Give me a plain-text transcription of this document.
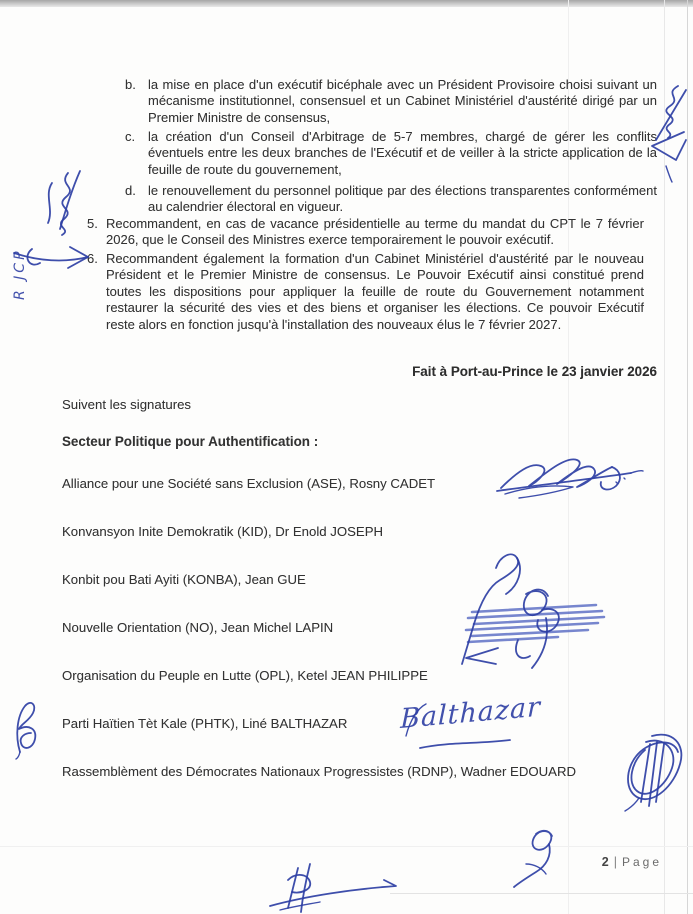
b. la mise en place d'un exécutif bicéphale avec un Président Provisoire choisi suivant un mécanisme institutionnel, consensuel et un Cabinet Ministériel d'austérité dirigé par un Premier Ministre de consensus,
c. la création d'un Conseil d'Arbitrage de 5-7 membres, chargé de gérer les conflits éventuels entre les deux branches de l'Exécutif et de veiller à la stricte application de la feuille de route du gouvernement,
d. le renouvellement du personnel politique par des élections transparentes conformément au calendrier électoral en vigueur.
5. Recommandent, en cas de vacance présidentielle au terme du mandat du CPT le 7 février 2026, que le Conseil des Ministres exerce temporairement le pouvoir exécutif.
6. Recommandent également la formation d'un Cabinet Ministériel d'austérité par le nouveau Président et le Premier Ministre de consensus. Le Pouvoir Exécutif ainsi constitué prend toutes les dispositions pour appliquer la feuille de route du Gouvernement notamment restaurer la sécurité des vies et des biens et organiser les élections. Ce pouvoir Exécutif reste alors en fonction jusqu'à l'installation des nouveaux élus le 7 février 2027.
Fait à Port-au-Prince le 23 janvier 2026
Suivent les signatures
Secteur Politique pour Authentification :
Alliance pour une Société sans Exclusion (ASE), Rosny CADET
Konvansyon Inite Demokratik (KID), Dr Enold JOSEPH
Konbit pou Bati Ayiti (KONBA), Jean GUE
Nouvelle Orientation (NO), Jean Michel LAPIN
Organisation du Peuple en Lutte (OPL), Ketel JEAN PHILIPPE
Parti Haïtien Tèt Kale (PHTK), Liné BALTHAZAR
Rassemblèment des Démocrates Nationaux Progressistes (RDNP), Wadner EDOUARD
2 | Page
R JCP
Balthazar
